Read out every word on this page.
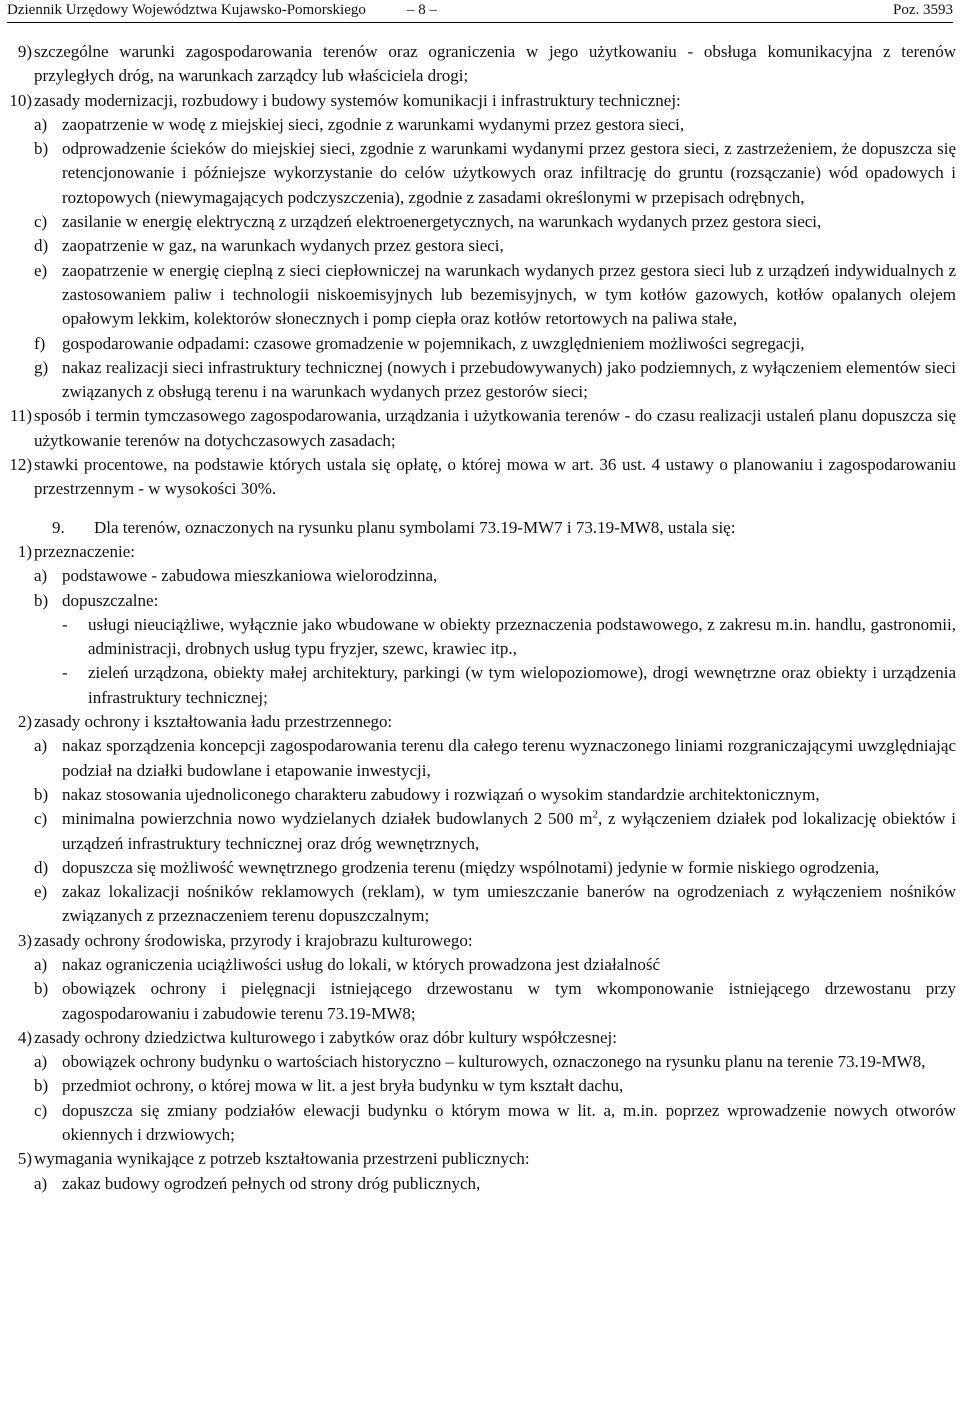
Dziennik Urzędowy Województwa Kujawsko-Pomorskiego	– 8 –	Poz. 3593
9) szczególne warunki zagospodarowania terenów oraz ograniczenia w jego użytkowaniu - obsługa komunikacyjna z terenów przyległych dróg, na warunkach zarządcy lub właściciela drogi;
10) zasady modernizacji, rozbudowy i budowy systemów komunikacji i infrastruktury technicznej:
a) zaopatrzenie w wodę z miejskiej sieci, zgodnie z warunkami wydanymi przez gestora sieci,
b) odprowadzenie ścieków do miejskiej sieci, zgodnie z warunkami wydanymi przez gestora sieci, z zastrzeżeniem, że dopuszcza się retencjonowanie i późniejsze wykorzystanie do celów użytkowych oraz infiltrację do gruntu (rozsączanie) wód opadowych i roztopowych (niewymagających podczyszczenia), zgodnie z zasadami określonymi w przepisach odrębnych,
c) zasilanie w energię elektryczną z urządzeń elektroenergetycznych, na warunkach wydanych przez gestora sieci,
d) zaopatrzenie w gaz, na warunkach wydanych przez gestora sieci,
e) zaopatrzenie w energię cieplną z sieci ciepłowniczej na warunkach wydanych przez gestora sieci lub z urządzeń indywidualnych z zastosowaniem paliw i technologii niskoemisyjnych lub bezemisyjnych, w tym kotłów gazowych, kotłów opalanych olejem opałowym lekkim, kolektorów słonecznych i pomp ciepła oraz kotłów retortowych na paliwa stałe,
f) gospodarowanie odpadami: czasowe gromadzenie w pojemnikach, z uwzględnieniem możliwości segregacji,
g) nakaz realizacji sieci infrastruktury technicznej (nowych i przebudowywanych) jako podziemnych, z wyłączeniem elementów sieci związanych z obsługą terenu i na warunkach wydanych przez gestorów sieci;
11) sposób i termin tymczasowego zagospodarowania, urządzania i użytkowania terenów - do czasu realizacji ustaleń planu dopuszcza się użytkowanie terenów na dotychczasowych zasadach;
12) stawki procentowe, na podstawie których ustala się opłatę, o której mowa w art. 36 ust. 4 ustawy o planowaniu i zagospodarowaniu przestrzennym - w wysokości 30%.
9. Dla terenów, oznaczonych na rysunku planu symbolami 73.19-MW7 i 73.19-MW8, ustala się:
1) przeznaczenie:
a) podstawowe - zabudowa mieszkaniowa wielorodzinna,
b) dopuszczalne:
- usługi nieuciążliwe, wyłącznie jako wbudowane w obiekty przeznaczenia podstawowego, z zakresu m.in. handlu, gastronomii, administracji, drobnych usług typu fryzjer, szewc, krawiec itp.,
- zieleń urządzona, obiekty małej architektury, parkingi (w tym wielopoziomowe), drogi wewnętrzne oraz obiekty i urządzenia infrastruktury technicznej;
2) zasady ochrony i kształtowania ładu przestrzennego:
a) nakaz sporządzenia koncepcji zagospodarowania terenu dla całego terenu wyznaczonego liniami rozgraniczającymi uwzględniając podział na działki budowlane i etapowanie inwestycji,
b) nakaz stosowania ujednoliconego charakteru zabudowy i rozwiązań o wysokim standardzie architektonicznym,
c) minimalna powierzchnia nowo wydzielanych działek budowlanych 2 500 $m^2$, z wyłączeniem działek pod lokalizację obiektów i urządzeń infrastruktury technicznej oraz dróg wewnętrznych,
d) dopuszcza się możliwość wewnętrznego grodzenia terenu (między wspólnotami) jedynie w formie niskiego ogrodzenia,
e) zakaz lokalizacji nośników reklamowych (reklam), w tym umieszczanie banerów na ogrodzeniach z wyłączeniem nośników związanych z przeznaczeniem terenu dopuszczalnym;
3) zasady ochrony środowiska, przyrody i krajobrazu kulturowego:
a) nakaz ograniczenia uciążliwości usług do lokali, w których prowadzona jest działalność
b) obowiązek ochrony i pielęgnacji istniejącego drzewostanu w tym wkomponowanie istniejącego drzewostanu przy zagospodarowaniu i zabudowie terenu 73.19-MW8;
4) zasady ochrony dziedzictwa kulturowego i zabytków oraz dóbr kultury współczesnej:
a) obowiązek ochrony budynku o wartościach historyczno – kulturowych, oznaczonego na rysunku planu na terenie 73.19-MW8,
b) przedmiot ochrony, o której mowa w lit. a jest bryła budynku w tym kształt dachu,
c) dopuszcza się zmiany podziałów elewacji budynku o którym mowa w lit. a, m.in. poprzez wprowadzenie nowych otworów okiennych i drzwiowych;
5) wymagania wynikające z potrzeb kształtowania przestrzeni publicznych:
a) zakaz budowy ogrodzeń pełnych od strony dróg publicznych,
